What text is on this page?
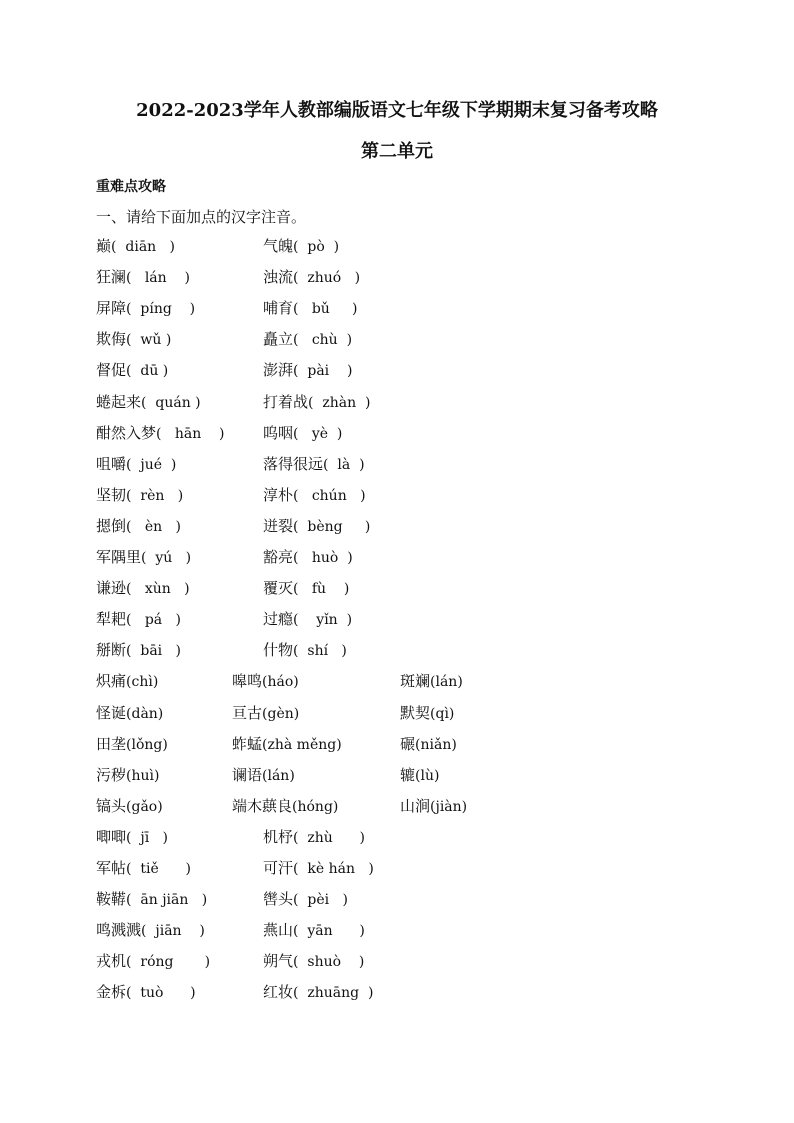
2022-2023学年人教部编版语文七年级下学期期末复习备考攻略
第二单元
重难点攻略
一、请给下面加点的汉字注音。
巅(  diān   )	气魄(  pò  )
狂澜(   lán    )	浊流(  zhuó   )
屏障(  píng    )	哺育(   bǔ     )
欺侮(  wǔ )	矗立(   chù  )
督促(  dū )	澎湃(  pài    )
蜷起来(  quán )	打着战(  zhàn  )
酣然入梦(   hān    )	呜咽(   yè  )
咀嚼(  jué  )	落得很远(  là  )
坚韧(  rèn   )	淳朴(   chún   )
摁倒(   èn   )	迸裂(  bèng     )
军隅里(  yú   )	豁亮(   huò  )
谦逊(   xùn   )	覆灭(   fù    )
犁耙(   pá   )	过瘾(    yǐn  )
掰断(  bāi   )	什物(  shí   )
炽痛(chì)	嗥鸣(háo)	斑斓(lán)
怪诞(dàn)	亘古(gèn)	默契(qì)
田垄(lǒng)	蚱蜢(zhà měng)	碾(niǎn)
污秽(huì)	谰语(lán)	辘(lù)
镐头(gǎo)	端木蕻良(hóng)	山涧(jiàn)
唧唧(  jī   )	机杼(  zhù      )
军帖(  tiě      )	可汗(  kè hán   )
鞍鞯(  ān jiān   )	辔头(  pèi   )
鸣溅溅(  jiān    )	燕山(  yān      )
戎机(  róng       )	朔气(  shuò    )
金柝(  tuò      )	红妆(  zhuāng  )
